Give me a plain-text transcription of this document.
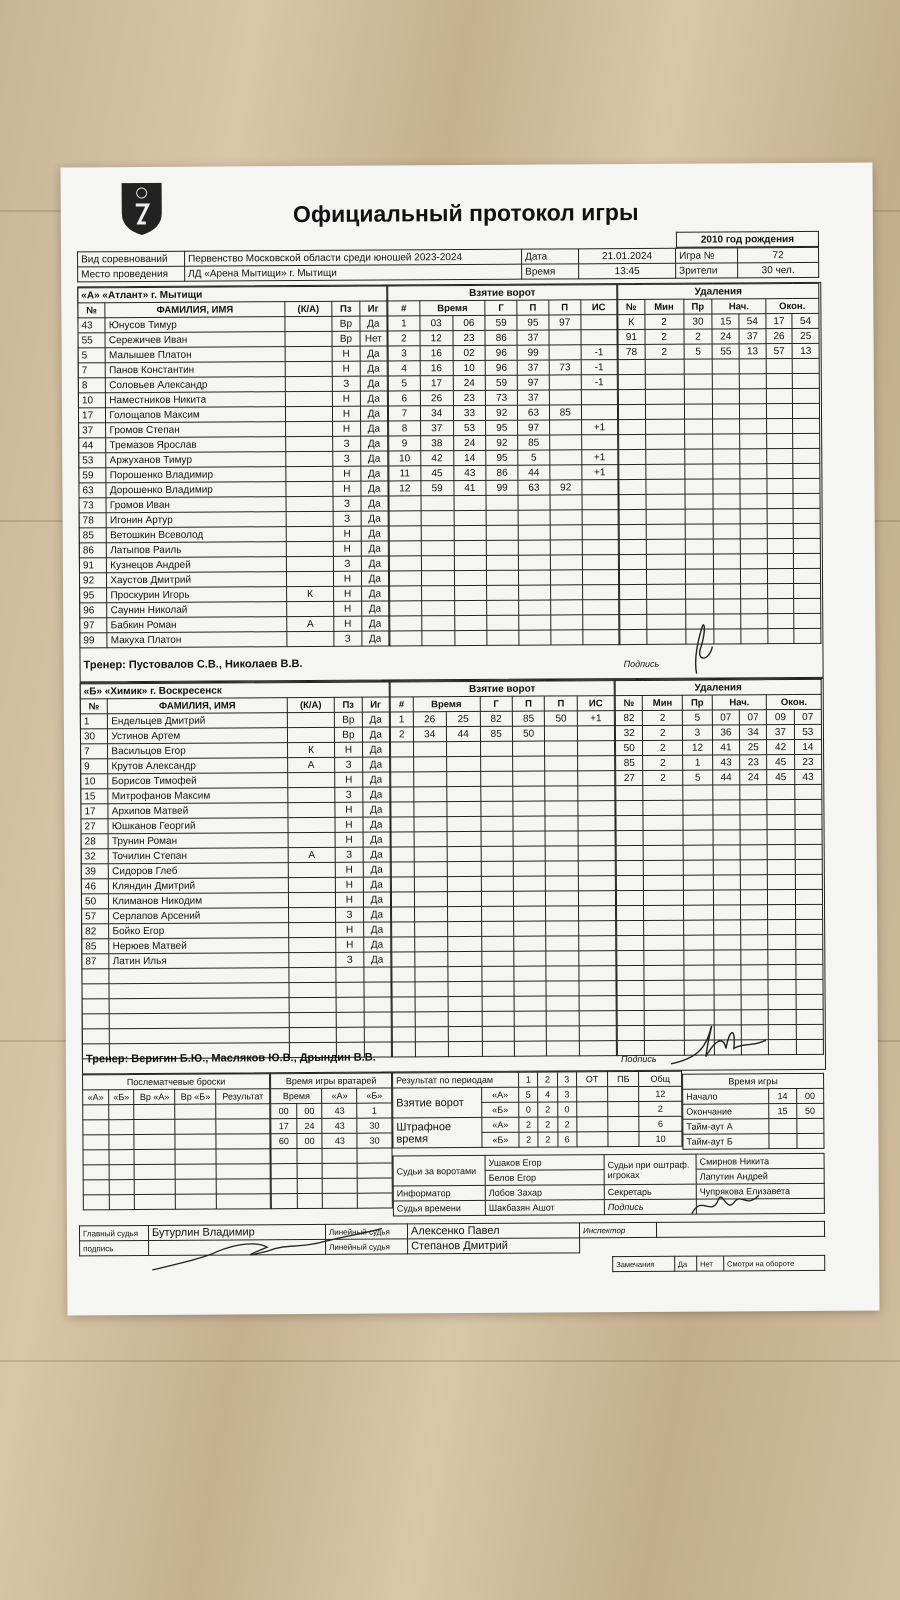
Официальный протокол игры
2010 год рождения
Вид соревнований	Первенство Московской области среди юношей 2023-2024	Дата	21.01.2024	Игра №	72
Место проведения	ЛД «Арена Мытищи» г. Мытищи	Время	13:45	Зрители	30 чел.
«А» «Атлант» г. Мытищи				
№	ФАМИЛИЯ, ИМЯ	(К/А)	Пз	Иг
43	Юнусов Тимур		Вр	Да
55	Сережичев Иван		Вр	Нет
5	Малышев Платон		Н	Да
7	Панов Константин		Н	Да
8	Соловьев Александр		З	Да
10	Наместников Никита		Н	Да
17	Голощапов Максим		Н	Да
37	Громов Степан		Н	Да
44	Тремазов Ярослав		З	Да
53	Аржуханов Тимур		З	Да
59	Порошенко Владимир		Н	Да
63	Дорошенко Владимир		Н	Да
73	Громов Иван		З	Да
78	Игонин Артур		З	Да
85	Ветошкин Всеволод		Н	Да
86	Латыпов Раиль		Н	Да
91	Кузнецов Андрей		З	Да
92	Хаустов Дмитрий		Н	Да
95	Проскурин Игорь	К	Н	Да
96	Саунин Николай		Н	Да
97	Бабкин Роман	А	Н	Да
99	Макуха Платон		З	Да
Взятие ворот						
#	Время		Г	П	П	ИС
1	03	06	59	95	97	
2	12	23	86	37		
3	16	02	96	99		-1
4	16	10	96	37	73	-1
5	17	24	59	97		-1
6	26	23	73	37		
7	34	33	92	63	85	
8	37	53	95	97		+1
9	38	24	92	85		
10	42	14	95	5		+1
11	45	43	86	44		+1
12	59	41	99	63	92	

Удаления						
№	Мин	Пр	Нач.		Окон.	
К	2	30	15	54	17	54
91	2	2	24	37	26	25
78	2	5	55	13	57	13

Тренер: Пустовалов С.В., Николаев В.В.	Подпись
«Б» «Химик» г. Воскресенск				
№	ФАМИЛИЯ, ИМЯ	(К/А)	Пз	Иг
1	Ендельцев Дмитрий		Вр	Да
30	Устинов Артем		Вр	Да
7	Васильцов Егор	К	Н	Да
9	Крутов Александр	А	З	Да
10	Борисов Тимофей		Н	Да
15	Митрофанов Максим		З	Да
17	Архипов Матвей		Н	Да
27	Юшканов Георгий		Н	Да
28	Трунин Роман		Н	Да
32	Точилин Степан	А	З	Да
39	Сидоров Глеб		Н	Да
46	Кляндин Дмитрий		Н	Да
50	Климанов Никодим		Н	Да
57	Серлапов Арсений		З	Да
82	Бойко Егор		Н	Да
85	Нерюев Матвей		Н	Да
87	Латин Илья		З	Да

Взятие ворот						
#	Время		Г	П	П	ИС
1	26	25	82	85	50	+1
2	34	44	85	50		

Удаления						
№	Мин	Пр	Нач.		Окон.	
82	2	5	07	07	09	07
32	2	3	36	34	37	53
50	2	12	41	25	42	14
85	2	1	43	23	45	23
27	2	5	44	24	45	43

Тренер: Веригин Б.Ю., Масляков Ю.В., Дрындин В.В.	Подпись
Послематчевые броски				
«А»	«Б»	Вр «А»	Вр «Б»	Результат

Время игры вратарей			
Время		«А»	«Б»
00	00	43	1
17	24	43	30
60	00	43	30

Результат по периодам		1	2	3	ОТ	ПБ	Общ
Взятие ворот	«А»	5	4	3			12
	«Б»	0	2	0			2
Штрафное время	«А»	2	2	2			6
	«Б»	2	2	6			10
Время игры		
Начало	14	00
Окончание	15	50
Тайм-аут А		
Тайм-аут Б		
Судьи за воротами	Ушаков Егор	Судьи при оштраф. игроках	Смирнов Никита
	Белов Егор		Лапутин Андрей
Информатор	Лобов Захар	Секретарь	Чупрякова Елизавета
Судья времени	Шакбазян Ашот	Подпись	
Главный судья	Бутурлин Владимир	Линейный судья	Алексенко Павел	Инспектор	
подпись		Линейный судья	Степанов Дмитрий		
Замечания	Да	Нет	Смотри на обороте
